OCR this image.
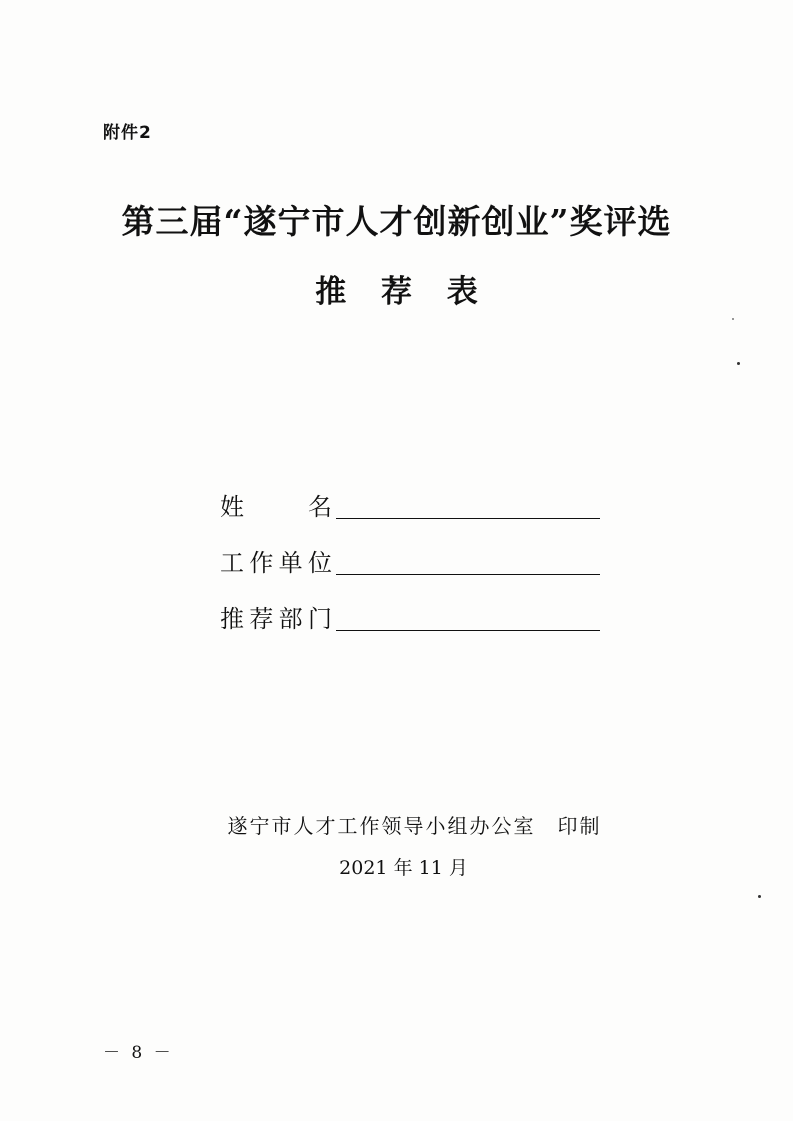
附件2
第三届“遂宁市人才创新创业”奖评选
推 荐 表
姓	名
工 作 单 位
推 荐 部 门
遂宁市人才工作领导小组办公室　印制
2021 年 11 月
－ 8 －
